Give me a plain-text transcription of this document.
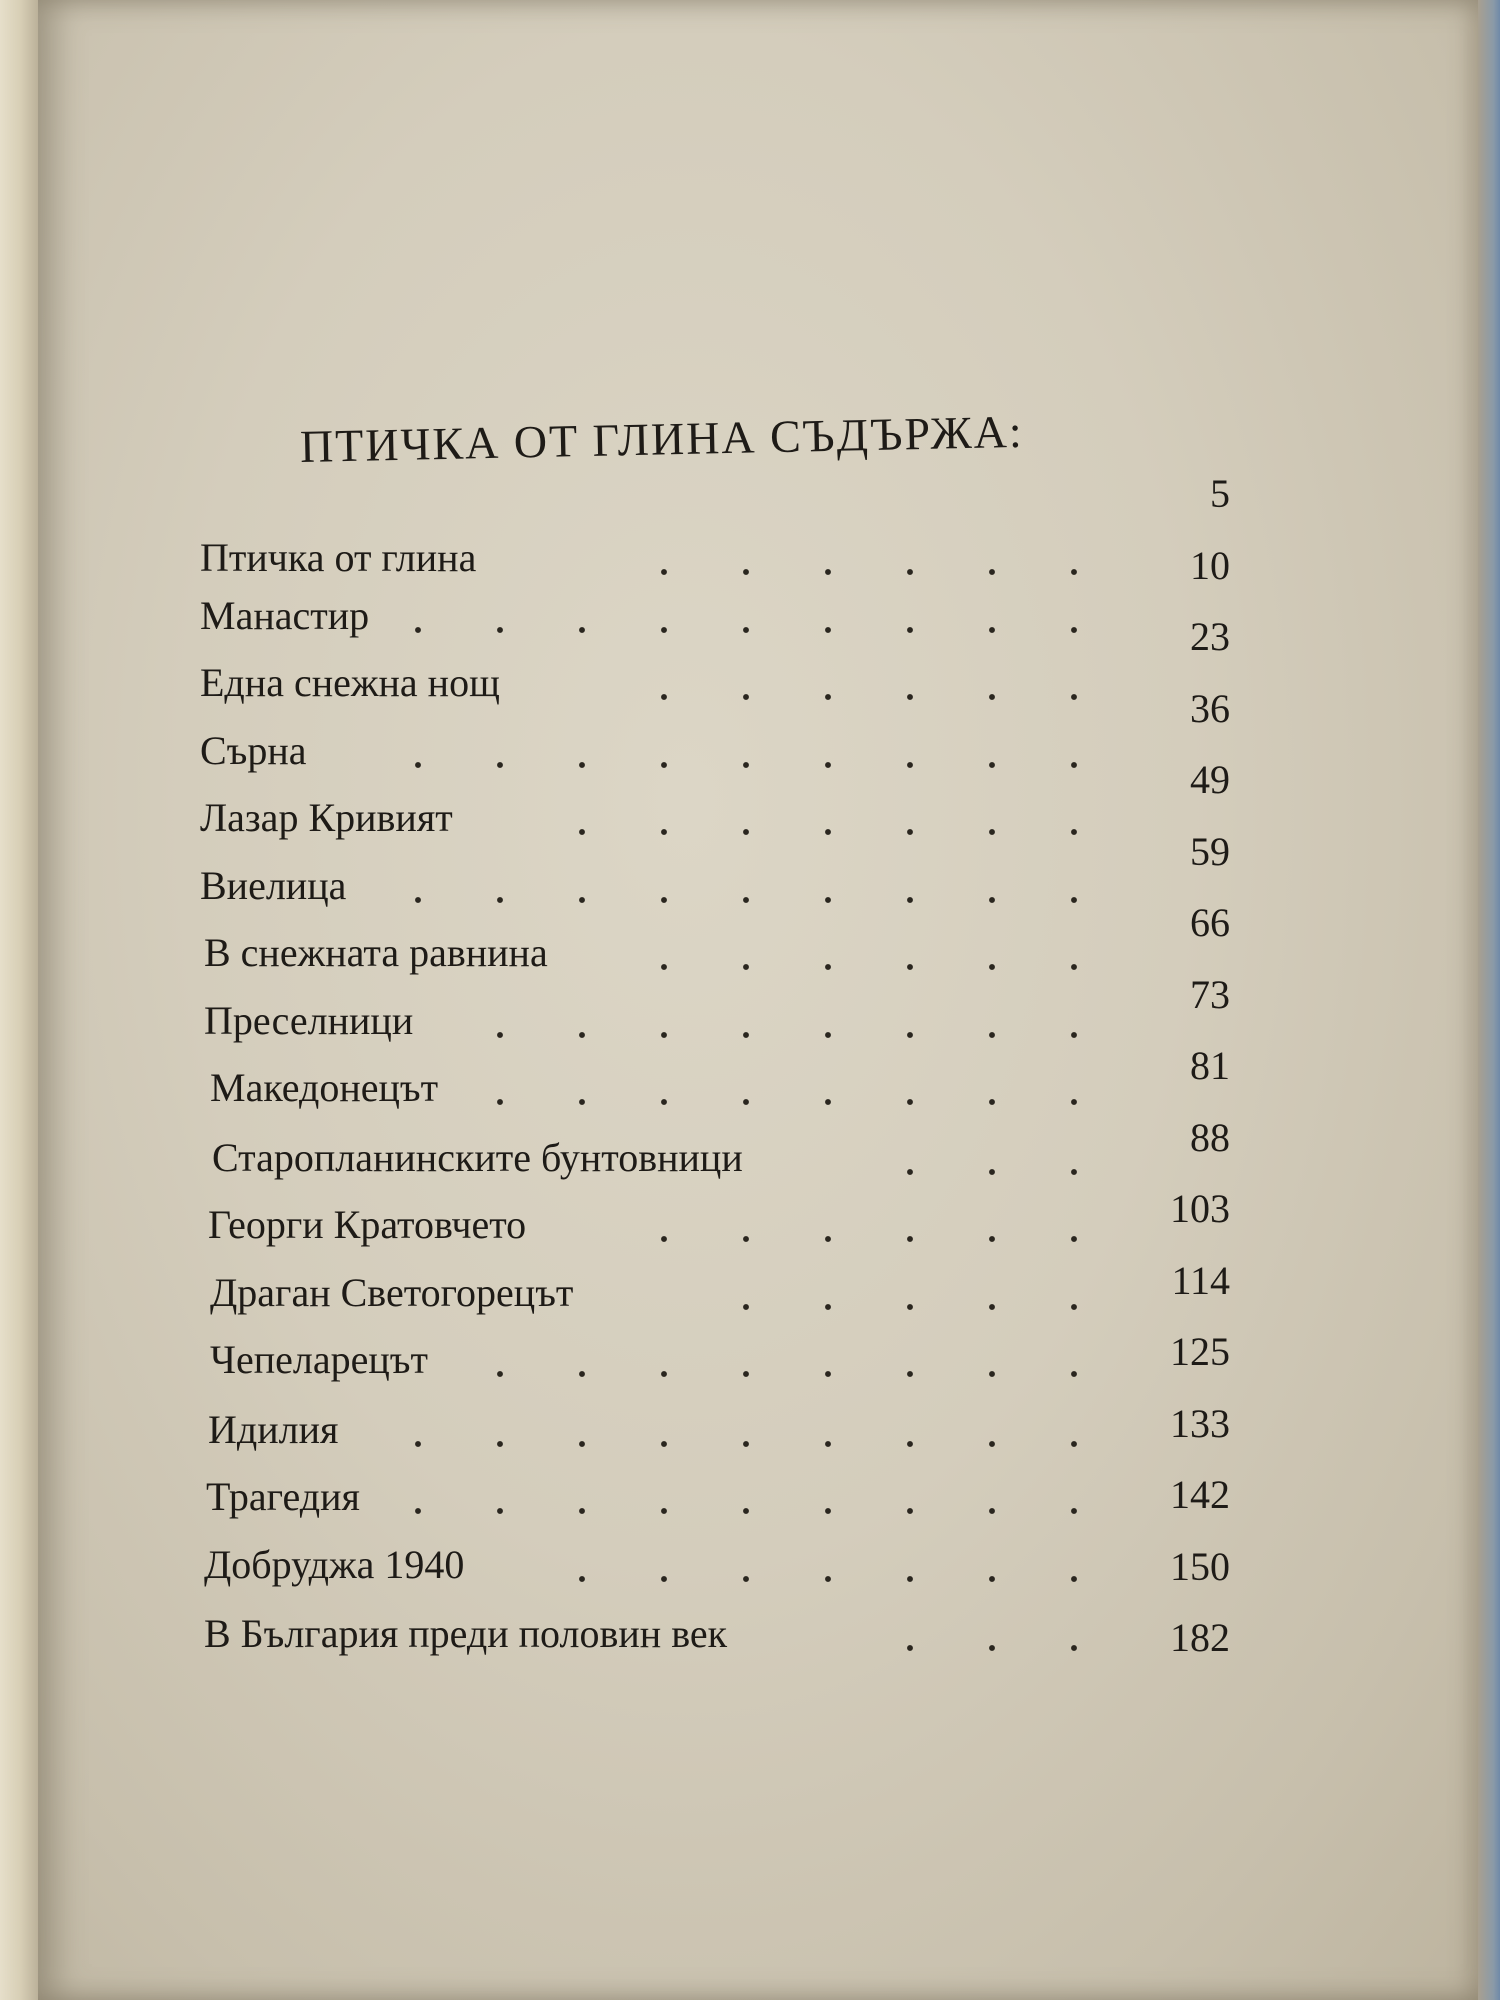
ПТИЧКА ОТ ГЛИНА СЪДЪРЖА:
5
Птичка от глина	10
Манастир	23
Една снежна нощ
36
Сърна
49
Лазар Кривият
59
Виелица
66
В снежната равнина
73
Преселници
81
Македонецът
88
Старопланинските бунтовници
103
Георги Кратовчето
114
Драган Светогорецът
125
Чепеларецът
133
Идилия
142
Трагедия
150
Добруджа 1940
182
В България преди половин век
